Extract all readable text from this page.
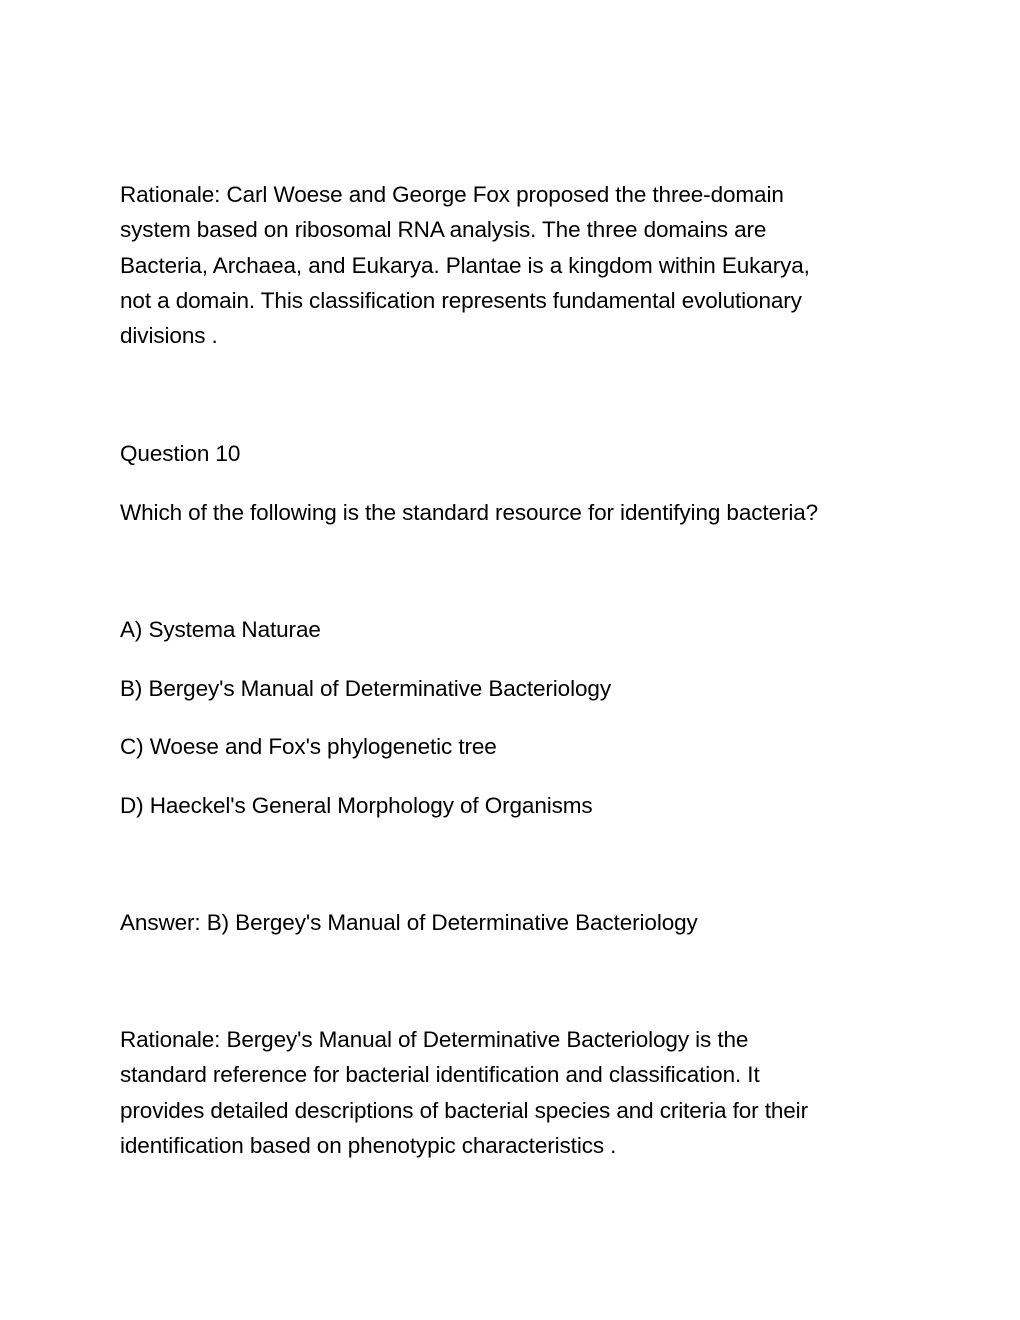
Rationale: Carl Woese and George Fox proposed the three-domain
system based on ribosomal RNA analysis. The three domains are
Bacteria, Archaea, and Eukarya. Plantae is a kingdom within Eukarya,
not a domain. This classification represents fundamental evolutionary
divisions .

Question 10

Which of the following is the standard resource for identifying bacteria?

A) Systema Naturae

B) Bergey's Manual of Determinative Bacteriology

C) Woese and Fox's phylogenetic tree

D) Haeckel's General Morphology of Organisms

Answer: B) Bergey's Manual of Determinative Bacteriology

Rationale: Bergey's Manual of Determinative Bacteriology is the
standard reference for bacterial identification and classification. It
provides detailed descriptions of bacterial species and criteria for their
identification based on phenotypic characteristics .
